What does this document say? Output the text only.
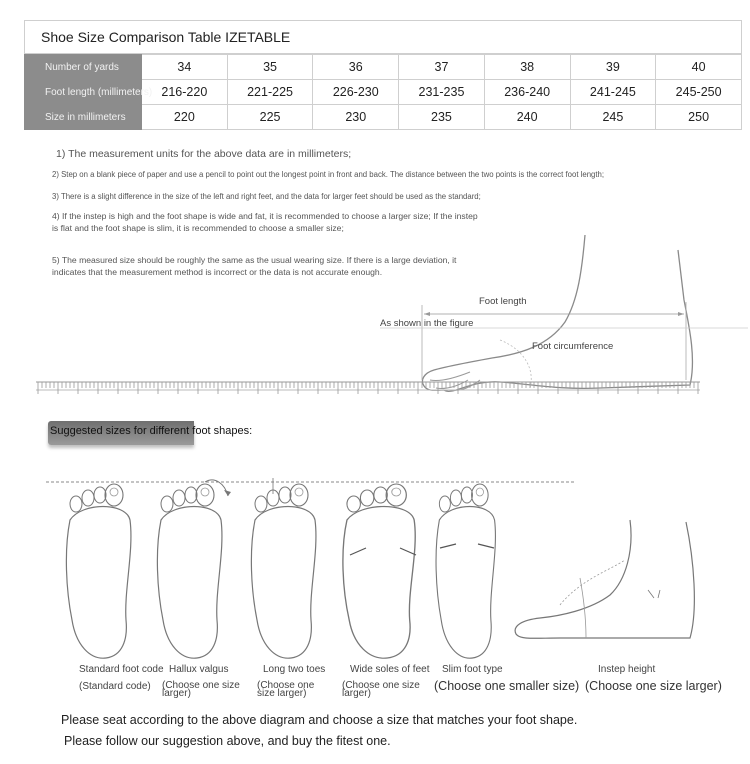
Shoe Size Comparison Table IZETABLE
Number of yards	34	35	36	37	38	39	40
Foot length (millimeters)	216-220	221-225	226-230	231-235	236-240	241-245	245-250
Size in millimeters	220	225	230	235	240	245	250
1) The measurement units for the above data are in millimeters;
2) Step on a blank piece of paper and use a pencil to point out the longest point in front and back. The distance between the two points is the correct foot length;
3) There is a slight difference in the size of the left and right feet, and the data for larger feet should be used as the standard;
4) If the instep is high and the foot shape is wide and fat, it is recommended to choose a larger size; If the instep is flat and the foot shape is slim, it is recommended to choose a smaller size;
5) The measured size should be roughly the same as the usual wearing size. If there is a large deviation, it indicates that the measurement method is incorrect or the data is not accurate enough.
Foot length
As shown in the figure
Foot circumference
Suggested sizes for different foot shapes:
Standard foot code
(Standard code)
Hallux valgus
(Choose one size larger)
Long two toes
(Choose one size larger)
Wide soles of feet
(Choose one size larger)
Slim foot type
(Choose one smaller size)
Instep height
(Choose one size larger)
Please seat according to the above diagram and choose a size that matches your foot shape.
Please follow our suggestion above, and buy the fitest one.
